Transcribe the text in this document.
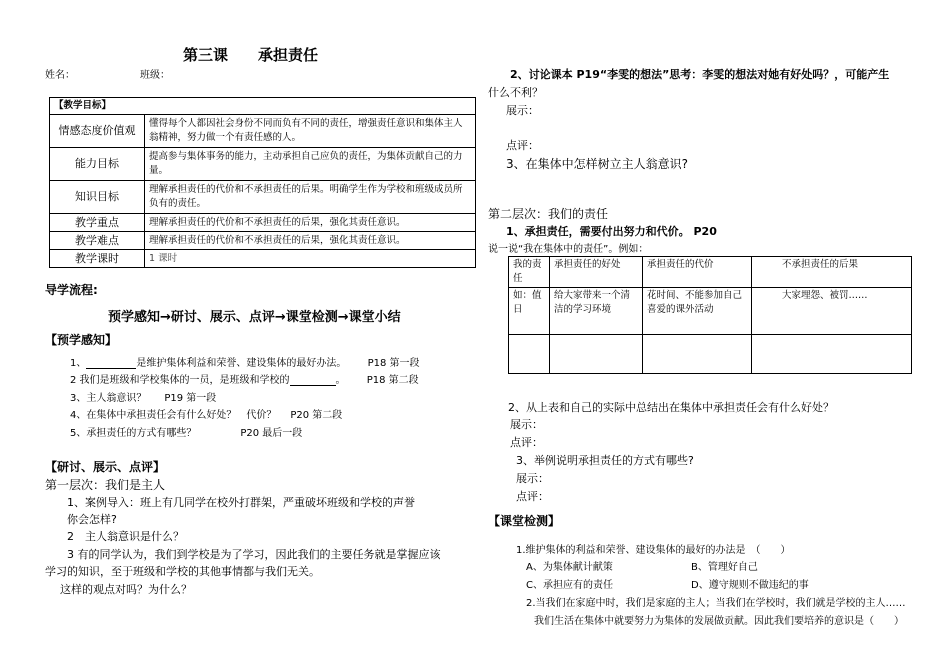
第三课　　承担责任
姓名：	班级：
【教学目标】	
情感态度价值观	懂得每个人都因社会身份不同而负有不同的责任，增强责任意识和集体主人翁精神，努力做一个有责任感的人。
能力目标	提高参与集体事务的能力，主动承担自己应负的责任，为集体贡献自己的力量。
知识目标	理解承担责任的代价和不承担责任的后果。明确学生作为学校和班级成员所负有的责任。
教学重点	理解承担责任的代价和不承担责任的后果，强化其责任意识。
教学难点	理解承担责任的代价和不承担责任的后果，强化其责任意识。
教学课时	1 课时
导学流程:
预学感知→研讨、展示、点评→课堂检测→课堂小结
【预学感知】
1、	是维护集体利益和荣誉、建设集体的最好办法。 P18 第一段
2 我们是班级和学校集体的一员，是班级和学校的	。 P18 第二段
3、主人翁意识？ P19 第一段
4、在集体中承担责任会有什么好处？　代价？ P20 第二段
5、承担责任的方式有哪些？	P20 最后一段
【研讨、展示、点评】
第一层次：我们是主人
1、案例导入：班上有几同学在校外打群架，严重破坏班级和学校的声誉
你会怎样?
2　主人翁意识是什么？
3 有的同学认为，我们到学校是为了学习，因此我们的主要任务就是掌握应该
学习的知识，至于班级和学校的其他事情都与我们无关。
这样的观点对吗？为什么？
2、讨论课本 P19“李雯的想法”思考：李雯的想法对她有好处吗？，可能产生
什么不利？
展示：
点评：
3、在集体中怎样树立主人翁意识?
第二层次：我们的责任
1、承担责任，需要付出努力和代价。 P20
说一说“我在集体中的责任”。例如：
我的责任	承担责任的好处	承担责任的代价	不承担责任的后果
如：值日	给大家带来一个清洁的学习环境	花时间、不能参加自己喜爱的课外活动	大家埋怨、被罚……

2、从上表和自己的实际中总结出在集体中承担责任会有什么好处？
展示：
点评：
3、举例说明承担责任的方式有哪些?
展示：
点评：
【课堂检测】
1.维护集体的利益和荣誉、建设集体的最好的办法是　（　　）
A、为集体献计献策	B、管理好自己
C、承担应有的责任	D、遵守规则不做违纪的事
2.当我们在家庭中时，我们是家庭的主人；当我们在学校时，我们就是学校的主人……
我们生活在集体中就要努力为集体的发展做贡献。因此我们要培养的意识是（　　）
